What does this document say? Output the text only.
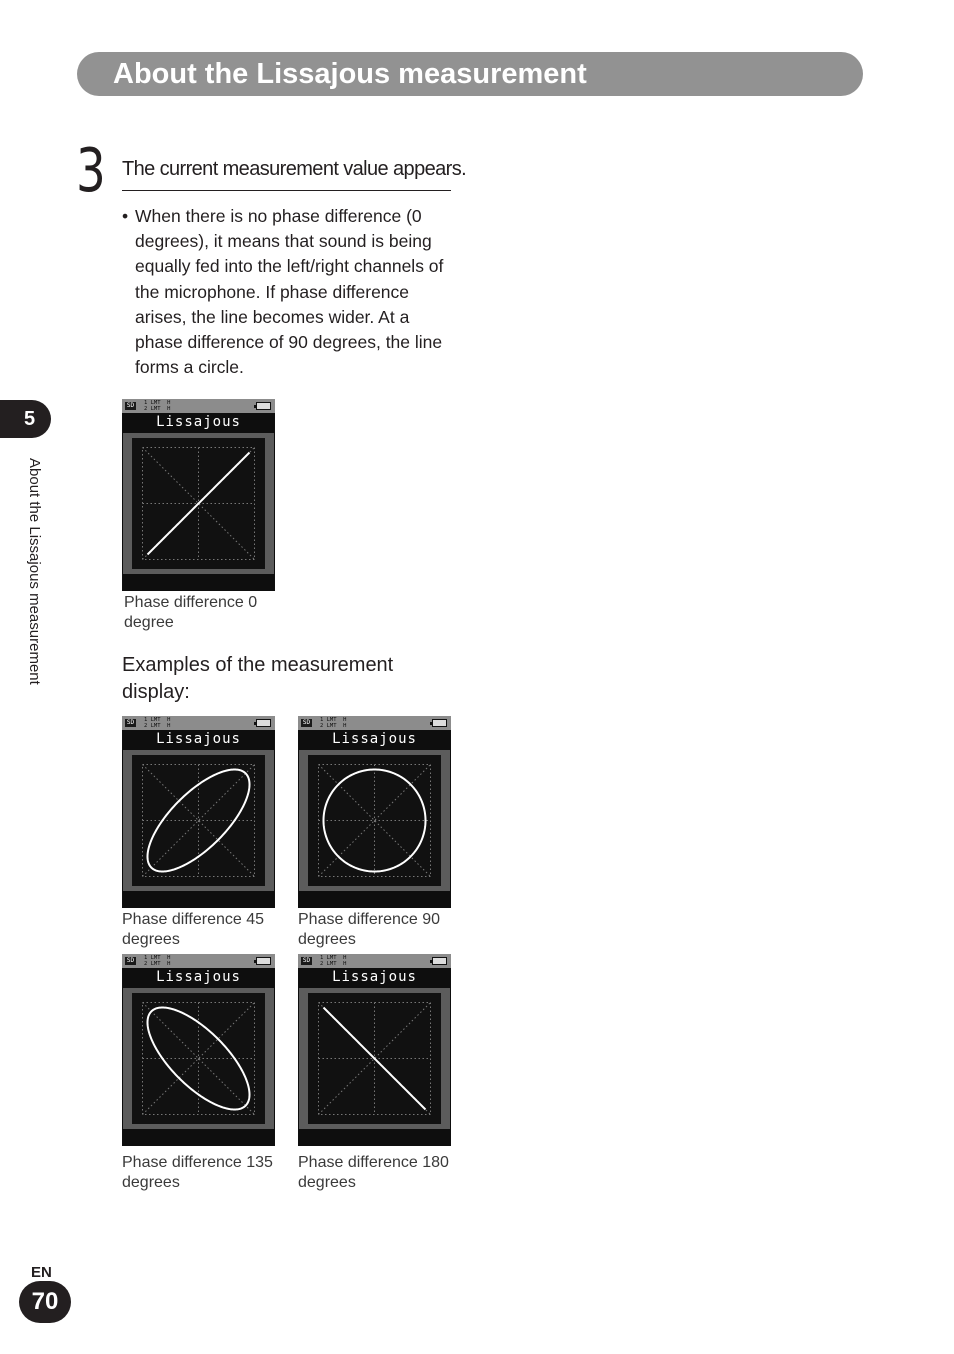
About the Lissajous measurement
3 The current measurement value appears.
• When there is no phase difference (0 degrees), it means that sound is being equally fed into the left/right channels of the microphone. If phase difference arises, the line becomes wider. At a phase difference of 90 degrees, the line forms a circle.
5
About the Lissajous measurement	Examples of the measurement display:
SD	1 LMT  H
2 LMT  H
Lissajous
Phase difference 0 degree
SD	1 LMT  H
2 LMT  H
Lissajous
Phase difference 45 degrees
SD	1 LMT  H
2 LMT  H
Lissajous
Phase difference 90 degrees
SD	1 LMT  H
2 LMT  H
Lissajous
Phase difference 135 degrees
SD	1 LMT  H
2 LMT  H
Lissajous
Phase difference 180 degrees
EN
70
